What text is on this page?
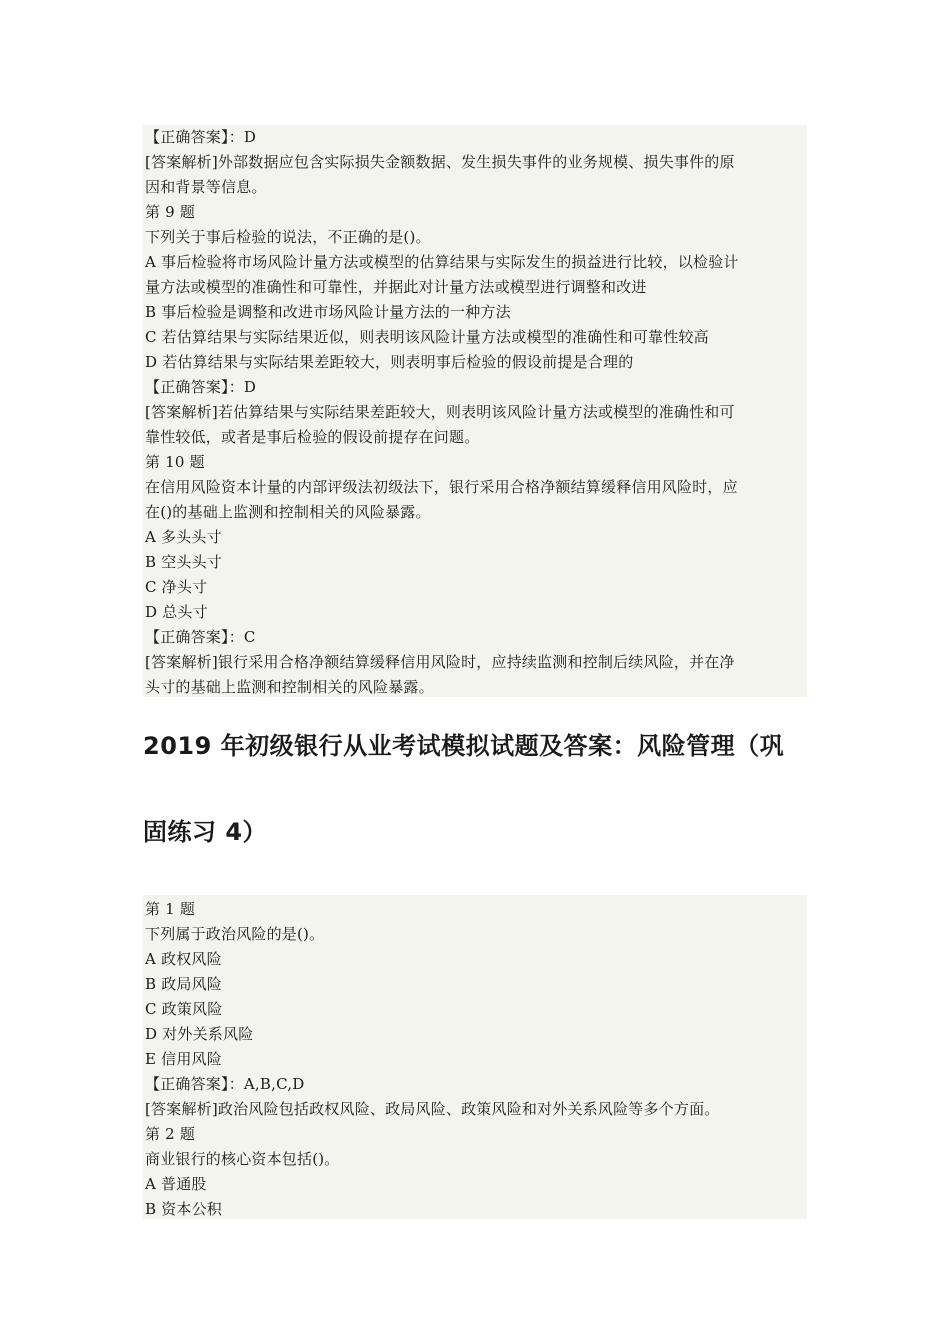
【正确答案】：D
[答案解析]外部数据应包含实际损失金额数据、发生损失事件的业务规模、损失事件的原
因和背景等信息。
第 9 题
下列关于事后检验的说法，不正确的是()。
A 事后检验将市场风险计量方法或模型的估算结果与实际发生的损益进行比较，以检验计
量方法或模型的准确性和可靠性，并据此对计量方法或模型进行调整和改进
B 事后检验是调整和改进市场风险计量方法的一种方法
C 若估算结果与实际结果近似，则表明该风险计量方法或模型的准确性和可靠性较高
D 若估算结果与实际结果差距较大，则表明事后检验的假设前提是合理的
【正确答案】：D
[答案解析]若估算结果与实际结果差距较大，则表明该风险计量方法或模型的准确性和可
靠性较低，或者是事后检验的假设前提存在问题。
第 10 题
在信用风险资本计量的内部评级法初级法下，银行采用合格净额结算缓释信用风险时，应
在()的基础上监测和控制相关的风险暴露。
A 多头头寸
B 空头头寸
C 净头寸
D 总头寸
【正确答案】：C
[答案解析]银行采用合格净额结算缓释信用风险时，应持续监测和控制后续风险，并在净
头寸的基础上监测和控制相关的风险暴露。
2019 年初级银行从业考试模拟试题及答案：风险管理（巩
固练习 4）
第 1 题
下列属于政治风险的是()。
A 政权风险
B 政局风险
C 政策风险
D 对外关系风险
E 信用风险
【正确答案】：A,B,C,D
[答案解析]政治风险包括政权风险、政局风险、政策风险和对外关系风险等多个方面。
第 2 题
商业银行的核心资本包括()。
A 普通股
B 资本公积
